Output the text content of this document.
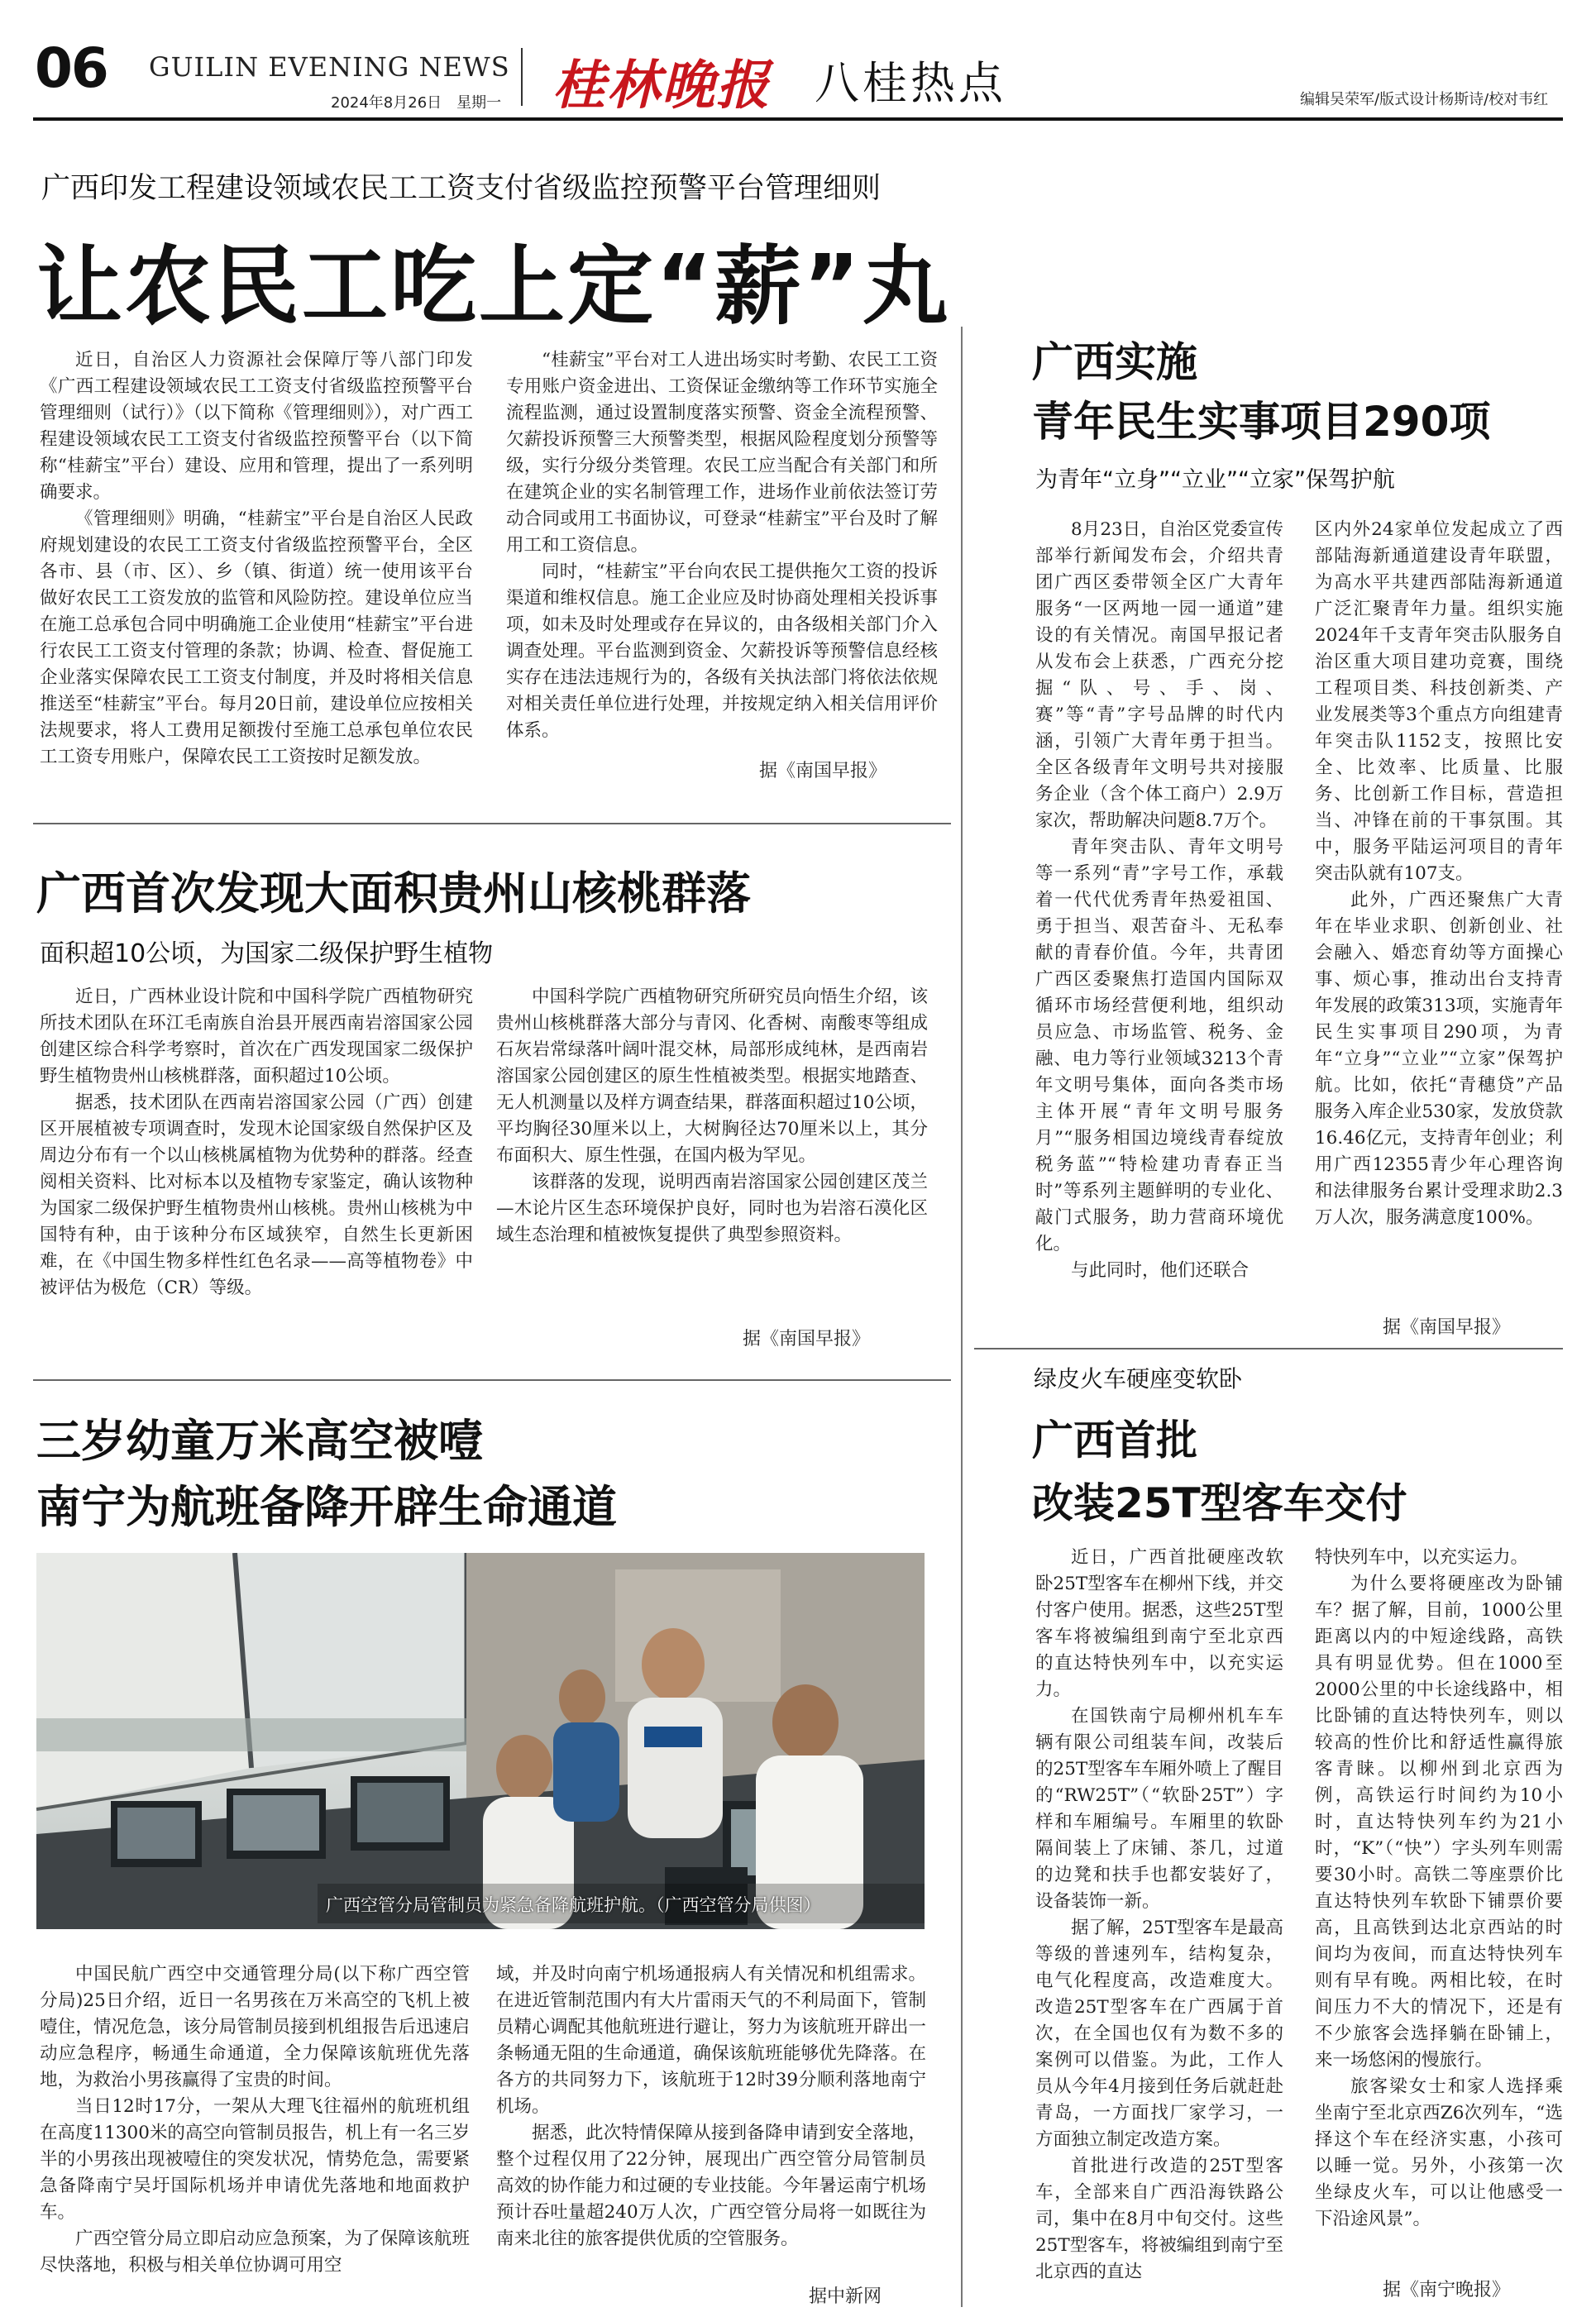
06 GUILIN EVENING NEWS
2024年8月26日　星期一 桂林晚报 八桂热点	编辑吴荣军/版式设计杨斯诗/校对韦红
广西印发工程建设领域农民工工资支付省级监控预警平台管理细则
让农民工吃上定“薪”丸

近日，自治区人力资源社会保障厅等八部门印发《广西工程建设领域农民工工资支付省级监控预警平台管理细则（试行）》（以下简称《管理细则》），对广西工程建设领域农民工工资支付省级监控预警平台（以下简称“桂薪宝”平台）建设、应用和管理，提出了一系列明确要求。

《管理细则》明确，“桂薪宝”平台是自治区人民政府规划建设的农民工工资支付省级监控预警平台，全区各市、县（市、区）、乡（镇、街道）统一使用该平台做好农民工工资发放的监管和风险防控。建设单位应当在施工总承包合同中明确施工企业使用“桂薪宝”平台进行农民工工资支付管理的条款；协调、检查、督促施工企业落实保障农民工工资支付制度，并及时将相关信息推送至“桂薪宝”平台。每月20日前，建设单位应按相关法规要求，将人工费用足额拨付至施工总承包单位农民工工资专用账户，保障农民工工资按时足额发放。

“桂薪宝”平台对工人进出场实时考勤、农民工工资专用账户资金进出、工资保证金缴纳等工作环节实施全流程监测，通过设置制度落实预警、资金全流程预警、欠薪投诉预警三大预警类型，根据风险程度划分预警等级，实行分级分类管理。农民工应当配合有关部门和所在建筑企业的实名制管理工作，进场作业前依法签订劳动合同或用工书面协议，可登录“桂薪宝”平台及时了解用工和工资信息。

同时，“桂薪宝”平台向农民工提供拖欠工资的投诉渠道和维权信息。施工企业应及时协商处理相关投诉事项，如未及时处理或存在异议的，由各级相关部门介入调查处理。平台监测到资金、欠薪投诉等预警信息经核实存在违法违规行为的，各级有关执法部门将依法依规对相关责任单位进行处理，并按规定纳入相关信用评价体系。

据《南国早报》
广西首次发现大面积贵州山核桃群落
面积超10公顷，为国家二级保护野生植物

近日，广西林业设计院和中国科学院广西植物研究所技术团队在环江毛南族自治县开展西南岩溶国家公园创建区综合科学考察时，首次在广西发现国家二级保护野生植物贵州山核桃群落，面积超过10公顷。

据悉，技术团队在西南岩溶国家公园（广西）创建区开展植被专项调查时，发现木论国家级自然保护区及周边分布有一个以山核桃属植物为优势种的群落。经查阅相关资料、比对标本以及植物专家鉴定，确认该物种为国家二级保护野生植物贵州山核桃。贵州山核桃为中国特有种，由于该种分布区域狭窄，自然生长更新困难，在《中国生物多样性红色名录——高等植物卷》中被评估为极危（CR）等级。

中国科学院广西植物研究所研究员向悟生介绍，该贵州山核桃群落大部分与青冈、化香树、南酸枣等组成石灰岩常绿落叶阔叶混交林，局部形成纯林，是西南岩溶国家公园创建区的原生性植被类型。根据实地踏查、无人机测量以及样方调查结果，群落面积超过10公顷，平均胸径30厘米以上，大树胸径达70厘米以上，其分布面积大、原生性强，在国内极为罕见。

该群落的发现，说明西南岩溶国家公园创建区茂兰—木论片区生态环境保护良好，同时也为岩溶石漠化区域生态治理和植被恢复提供了典型参照资料。

据《南国早报》
三岁幼童万米高空被噎
南宁为航班备降开辟生命通道
广西空管分局管制员为紧急备降航班护航。（广西空管分局供图）

中国民航广西空中交通管理分局(以下称广西空管分局)25日介绍，近日一名男孩在万米高空的飞机上被噎住，情况危急，该分局管制员接到机组报告后迅速启动应急程序，畅通生命通道，全力保障该航班优先落地，为救治小男孩赢得了宝贵的时间。

当日12时17分，一架从大理飞往福州的航班机组在高度11300米的高空向管制员报告，机上有一名三岁半的小男孩出现被噎住的突发状况，情势危急，需要紧急备降南宁吴圩国际机场并申请优先落地和地面救护车。

广西空管分局立即启动应急预案，为了保障该航班尽快落地，积极与相关单位协调可用空

域，并及时向南宁机场通报病人有关情况和机组需求。在进近管制范围内有大片雷雨天气的不利局面下，管制员精心调配其他航班进行避让，努力为该航班开辟出一条畅通无阻的生命通道，确保该航班能够优先降落。在各方的共同努力下，该航班于12时39分顺利落地南宁机场。

据悉，此次特情保障从接到备降申请到安全落地，整个过程仅用了22分钟，展现出广西空管分局管制员高效的协作能力和过硬的专业技能。今年暑运南宁机场预计吞吐量超240万人次，广西空管分局将一如既往为南来北往的旅客提供优质的空管服务。

据中新网
广西实施
青年民生实事项目290项
为青年“立身”“立业”“立家”保驾护航

8月23日，自治区党委宣传部举行新闻发布会，介绍共青团广西区委带领全区广大青年服务“一区两地一园一通道”建设的有关情况。南国早报记者从发布会上获悉，广西充分挖掘“队、号、手、岗、赛”等“青”字号品牌的时代内涵，引领广大青年勇于担当。全区各级青年文明号共对接服务企业（含个体工商户）2.9万家次，帮助解决问题8.7万个。

青年突击队、青年文明号等一系列“青”字号工作，承载着一代代优秀青年热爱祖国、勇于担当、艰苦奋斗、无私奉献的青春价值。今年，共青团广西区委聚焦打造国内国际双循环市场经营便利地，组织动员应急、市场监管、税务、金融、电力等行业领域3213个青年文明号集体，面向各类市场主体开展“青年文明号服务月”“服务相国边境线青春绽放税务蓝”“特检建功青春正当时”等系列主题鲜明的专业化、敲门式服务，助力营商环境优化。

与此同时，他们还联合

区内外24家单位发起成立了西部陆海新通道建设青年联盟，为高水平共建西部陆海新通道广泛汇聚青年力量。组织实施2024年千支青年突击队服务自治区重大项目建功竞赛，围绕工程项目类、科技创新类、产业发展类等3个重点方向组建青年突击队1152支，按照比安全、比效率、比质量、比服务、比创新工作目标，营造担当、冲锋在前的干事氛围。其中，服务平陆运河项目的青年突击队就有107支。

此外，广西还聚焦广大青年在毕业求职、创新创业、社会融入、婚恋育幼等方面操心事、烦心事，推动出台支持青年发展的政策313项，实施青年民生实事项目290项，为青年“立身”“立业”“立家”保驾护航。比如，依托“青穗贷”产品服务入库企业530家，发放贷款16.46亿元，支持青年创业；利用广西12355青少年心理咨询和法律服务台累计受理求助2.3万人次，服务满意度100%。

据《南国早报》
绿皮火车硬座变软卧
广西首批
改装25T型客车交付

近日，广西首批硬座改软卧25T型客车在柳州下线，并交付客户使用。据悉，这些25T型客车将被编组到南宁至北京西的直达特快列车中，以充实运力。

在国铁南宁局柳州机车车辆有限公司组装车间，改装后的25T型客车车厢外喷上了醒目的“RW25T”（“软卧25T”）字样和车厢编号。车厢里的软卧隔间装上了床铺、茶几，过道的边凳和扶手也都安装好了，设备装饰一新。

据了解，25T型客车是最高等级的普速列车，结构复杂，电气化程度高，改造难度大。改造25T型客车在广西属于首次，在全国也仅有为数不多的案例可以借鉴。为此，工作人员从今年4月接到任务后就赶赴青岛，一方面找厂家学习，一方面独立制定改造方案。

首批进行改造的25T型客车，全部来自广西沿海铁路公司，集中在8月中旬交付。这些25T型客车，将被编组到南宁至北京西的直达

特快列车中，以充实运力。

为什么要将硬座改为卧铺车？据了解，目前，1000公里距离以内的中短途线路，高铁具有明显优势。但在1000至2000公里的中长途线路中，相比卧铺的直达特快列车，则以较高的性价比和舒适性赢得旅客青睐。以柳州到北京西为例，高铁运行时间约为10小时，直达特快列车约为21小时，“K”（“快”）字头列车则需要30小时。高铁二等座票价比直达特快列车软卧下铺票价要高，且高铁到达北京西站的时间均为夜间，而直达特快列车则有早有晚。两相比较，在时间压力不大的情况下，还是有不少旅客会选择躺在卧铺上，来一场悠闲的慢旅行。

旅客梁女士和家人选择乘坐南宁至北京西Z6次列车，“选择这个车在经济实惠，小孩可以睡一觉。另外，小孩第一次坐绿皮火车，可以让他感受一下沿途风景”。

据《南宁晚报》
